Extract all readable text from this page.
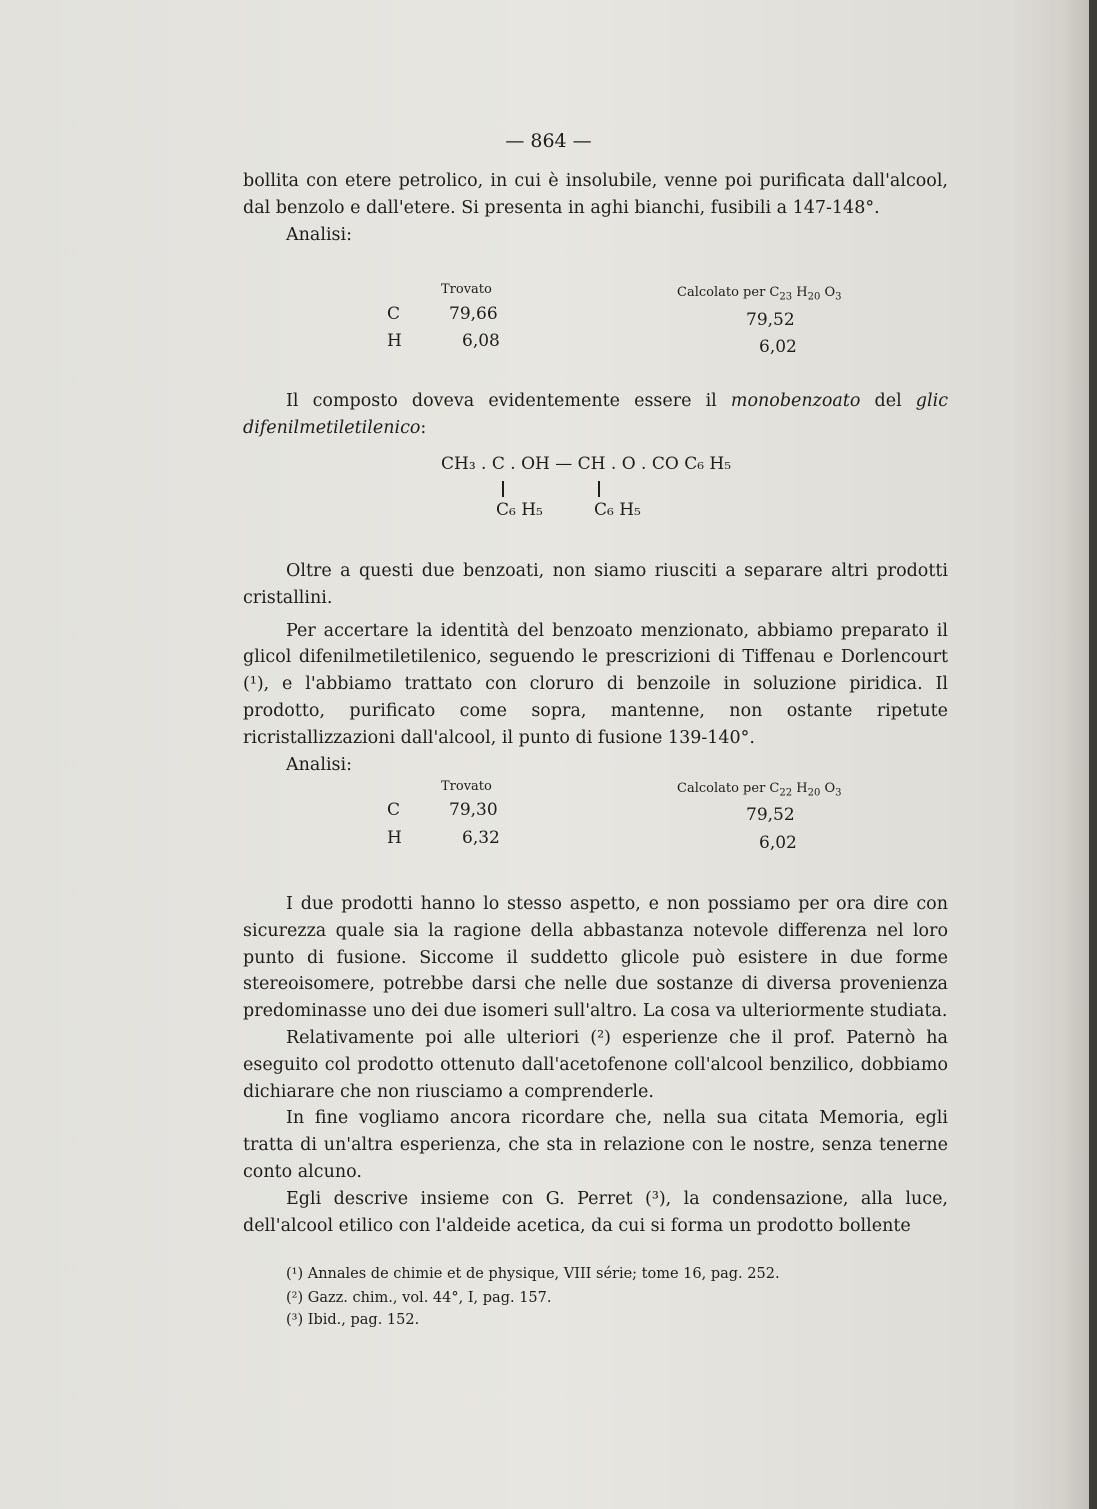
— 864 —

bollita con etere petrolico, in cui è insolubile, venne poi purificata dall'alcool, dal benzolo e dall'etere. Si presenta in aghi bianchi, fusibili a 147-148°.

Analisi:

Trovato	Calcolato per $C_{23}$ $H_{20}$ $O_3$
C	79,66	79,52
H	6,08	6,02

Il composto doveva evidentemente essere il monobenzoato del glic difenilmetiletilenico:

CH₃ . C . OH — CH . O . CO C₆ H₅
C₆ H₅	C₆ H₅

Oltre a questi due benzoati, non siamo riusciti a separare altri prodotti cristallini.

Per accertare la identità del benzoato menzionato, abbiamo preparato il glicol difenilmetiletilenico, seguendo le prescrizioni di Tiffenau e Dorlencourt (¹), e l'abbiamo trattato con cloruro di benzoile in soluzione piridica. Il prodotto, purificato come sopra, mantenne, non ostante ripetute ricristallizzazioni dall'alcool, il punto di fusione 139-140°.

Analisi:

Trovato	Calcolato per $C_{22}$ $H_{20}$ $O_3$
C	79,30	79,52
H	6,32	6,02

I due prodotti hanno lo stesso aspetto, e non possiamo per ora dire con sicurezza quale sia la ragione della abbastanza notevole differenza nel loro punto di fusione. Siccome il suddetto glicole può esistere in due forme stereoisomere, potrebbe darsi che nelle due sostanze di diversa provenienza predominasse uno dei due isomeri sull'altro. La cosa va ulteriormente studiata.

Relativamente poi alle ulteriori (²) esperienze che il prof. Paternò ha eseguito col prodotto ottenuto dall'acetofenone coll'alcool benzilico, dobbiamo dichiarare che non riusciamo a comprenderle.

In fine vogliamo ancora ricordare che, nella sua citata Memoria, egli tratta di un'altra esperienza, che sta in relazione con le nostre, senza tenerne conto alcuno.

Egli descrive insieme con G. Perret (³), la condensazione, alla luce, dell'alcool etilico con l'aldeide acetica, da cui si forma un prodotto bollente

(¹) Annales de chimie et de physique, VIII série; tome 16, pag. 252.
(²) Gazz. chim., vol. 44°, I, pag. 157.
(³) Ibid., pag. 152.
